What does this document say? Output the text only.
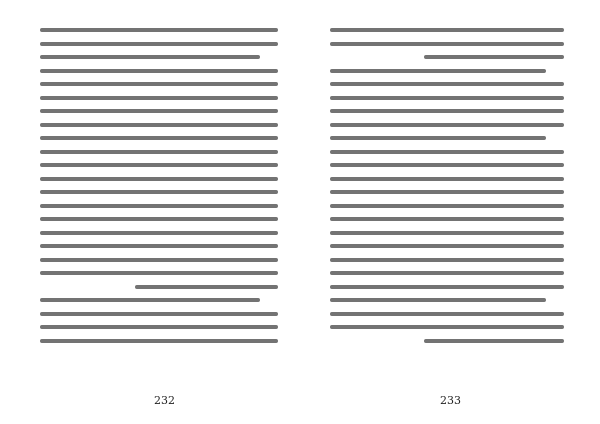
232	233
